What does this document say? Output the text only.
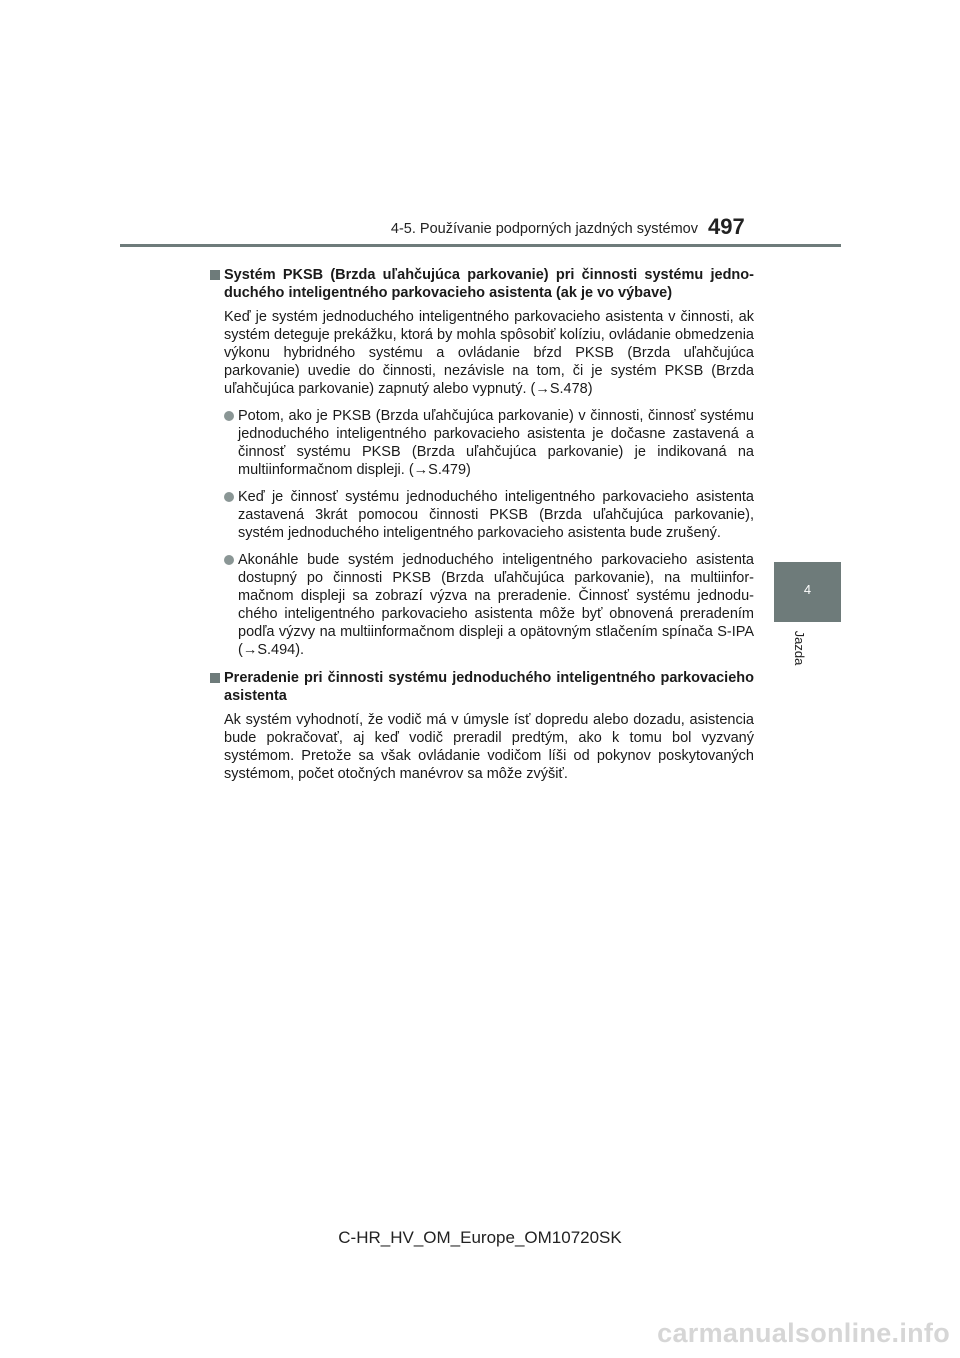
4-5. Používanie podporných jazdných systémov 497
4
Jazda
Systém PKSB (Brzda uľahčujúca parkovanie) pri činnosti systému jednoduchého inteligentného parkovacieho asistenta (ak je vo výbave)
Keď je systém jednoduchého inteligentného parkovacieho asistenta v činnosti, ak systém deteguje prekážku, ktorá by mohla spôsobiť kolíziu, ovládanie obmedzenia výkonu hybridného systému a ovládanie bŕzd PKSB (Brzda uľahčujúca parkovanie) uvedie do činnosti, nezávisle na tom, či je systém PKSB (Brzda uľahčujúca parkovanie) zapnutý alebo vypnutý. (→S.478)
Potom, ako je PKSB (Brzda uľahčujúca parkovanie) v činnosti, činnosť systému jednoduchého inteligentného parkovacieho asistenta je dočasne zastavená a činnosť systému PKSB (Brzda uľahčujúca parkovanie) je indikovaná na multiinformačnom displeji. (→S.479)
Keď je činnosť systému jednoduchého inteligentného parkovacieho asistenta zastavená 3krát pomocou činnosti PKSB (Brzda uľahčujúca parkovanie), systém jednoduchého inteligentného parkovacieho asistenta bude zrušený.
Akonáhle bude systém jednoduchého inteligentného parkovacieho asistenta dostupný po činnosti PKSB (Brzda uľahčujúca parkovanie), na multiinformačnom displeji sa zobrazí výzva na preradenie. Činnosť systému jednoduchého inteligentného parkovacieho asistenta môže byť obnovená preradením podľa výzvy na multiinformačnom displeji a opätovným stlačením spínača S-IPA (→S.494).
Preradenie pri činnosti systému jednoduchého inteligentného parkovacieho asistenta
Ak systém vyhodnotí, že vodič má v úmysle ísť dopredu alebo dozadu, asistencia bude pokračovať, aj keď vodič preradil predtým, ako k tomu bol vyzvaný systémom. Pretože sa však ovládanie vodičom líši od pokynov poskytovaných systémom, počet otočných manévrov sa môže zvýšiť.
C-HR_HV_OM_Europe_OM10720SK
carmanualsonline.info
